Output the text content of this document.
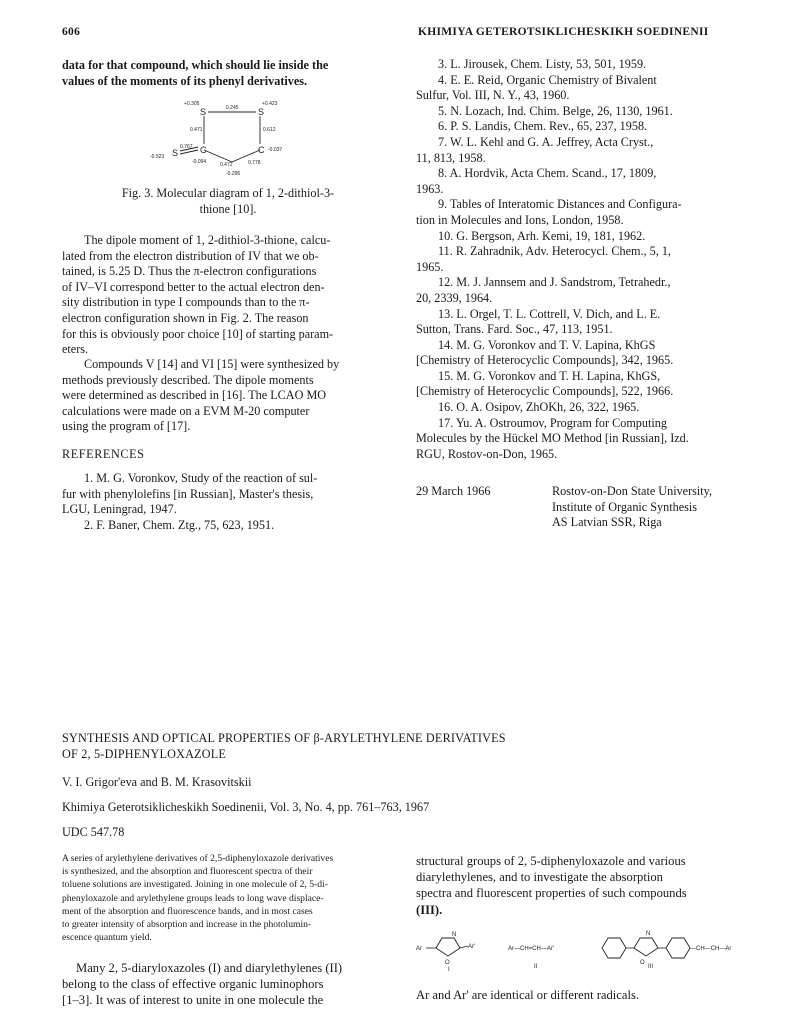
606	KHIMIYA GETEROTSIKLICHESKIKH SOEDINENII
data for that compound, which should lie inside the
values of the moments of its phenyl derivatives.
S	S
S C	C
+0.305	+0.423
0.245
0.471	0.612
-0.523
0.767	-0.037
-0.094	0.472	0.778
-0.296
Fig. 3. Molecular diagram of 1, 2-dithiol-3-
thione [10].
The dipole moment of 1, 2-dithiol-3-thione, calcu-
lated from the electron distribution of IV that we ob-
tained, is 5.25 D. Thus the π-electron configurations
of IV–VI correspond better to the actual electron den-
sity distribution in type I compounds than to the π-
electron configuration shown in Fig. 2. The reason
for this is obviously poor choice [10] of starting param-
eters.
Compounds V [14] and VI [15] were synthesized by
methods previously described. The dipole moments
were determined as described in [16]. The LCAO MO
calculations were made on a EVM M-20 computer
using the program of [17].
REFERENCES
1. M. G. Voronkov, Study of the reaction of sul-
fur with phenylolefins [in Russian], Master's thesis,
LGU, Leningrad, 1947.
2. F. Baner, Chem. Ztg., 75, 623, 1951.
3. L. Jirousek, Chem. Listy, 53, 501, 1959.
4. E. E. Reid, Organic Chemistry of Bivalent
Sulfur, Vol. III, N. Y., 43, 1960.
5. N. Lozach, Ind. Chim. Belge, 26, 1130, 1961.
6. P. S. Landis, Chem. Rev., 65, 237, 1958.
7. W. L. Kehl and G. A. Jeffrey, Acta Cryst.,
11, 813, 1958.
8. A. Hordvik, Acta Chem. Scand., 17, 1809,
1963.
9. Tables of Interatomic Distances and Configura-
tion in Molecules and Ions, London, 1958.
10. G. Bergson, Arh. Kemi, 19, 181, 1962.
11. R. Zahradnik, Adv. Heterocycl. Chem., 5, 1,
1965.
12. M. J. Jannsem and J. Sandstrom, Tetrahedr.,
20, 2339, 1964.
13. L. Orgel, T. L. Cottrell, V. Dich, and L. E.
Sutton, Trans. Fard. Soc., 47, 113, 1951.
14. M. G. Voronkov and T. V. Lapina, KhGS
[Chemistry of Heterocyclic Compounds], 342, 1965.
15. M. G. Voronkov and T. H. Lapina, KhGS,
[Chemistry of Heterocyclic Compounds], 522, 1966.
16. O. A. Osipov, ZhOKh, 26, 322, 1965.
17. Yu. A. Ostroumov, Program for Computing
Molecules by the Hückel MO Method [in Russian], Izd.
RGU, Rostov-on-Don, 1965.
29 March 1966	Rostov-on-Don State University,
Institute of Organic Synthesis
AS Latvian SSR, Riga
SYNTHESIS AND OPTICAL PROPERTIES OF β-ARYLETHYLENE DERIVATIVES
OF 2, 5-DIPHENYLOXAZOLE
V. I. Grigor'eva and B. M. Krasovitskii
Khimiya Geterotsiklicheskikh Soedinenii, Vol. 3, No. 4, pp. 761–763, 1967
UDC 547.78
A series of arylethylene derivatives of 2,5-diphenyloxazole derivatives
is synthesized, and the absorption and fluorescent spectra of their
toluene solutions are investigated. Joining in one molecule of 2, 5-di-
phenyloxazole and arylethylene groups leads to long wave displace-
ment of the absorption and fluorescence bands, and in most cases
to greater intensity of absorption and increase in the photolumin-
escence quantum yield.
Many 2, 5-diaryloxazoles (I) and diarylethylenes (II)
belong to the class of effective organic luminophors
[1–3]. It was of interest to unite in one molecule the
structural groups of 2, 5-diphenyloxazole and various
diarylethylenes, and to investigate the absorption
spectra and fluorescent properties of such compounds
(III).
Ar
N
O
Ar'
I
Ar—CH=CH—Ar'
II
N
O
—CH—CH—Ar
III
Ar and Ar' are identical or different radicals.
